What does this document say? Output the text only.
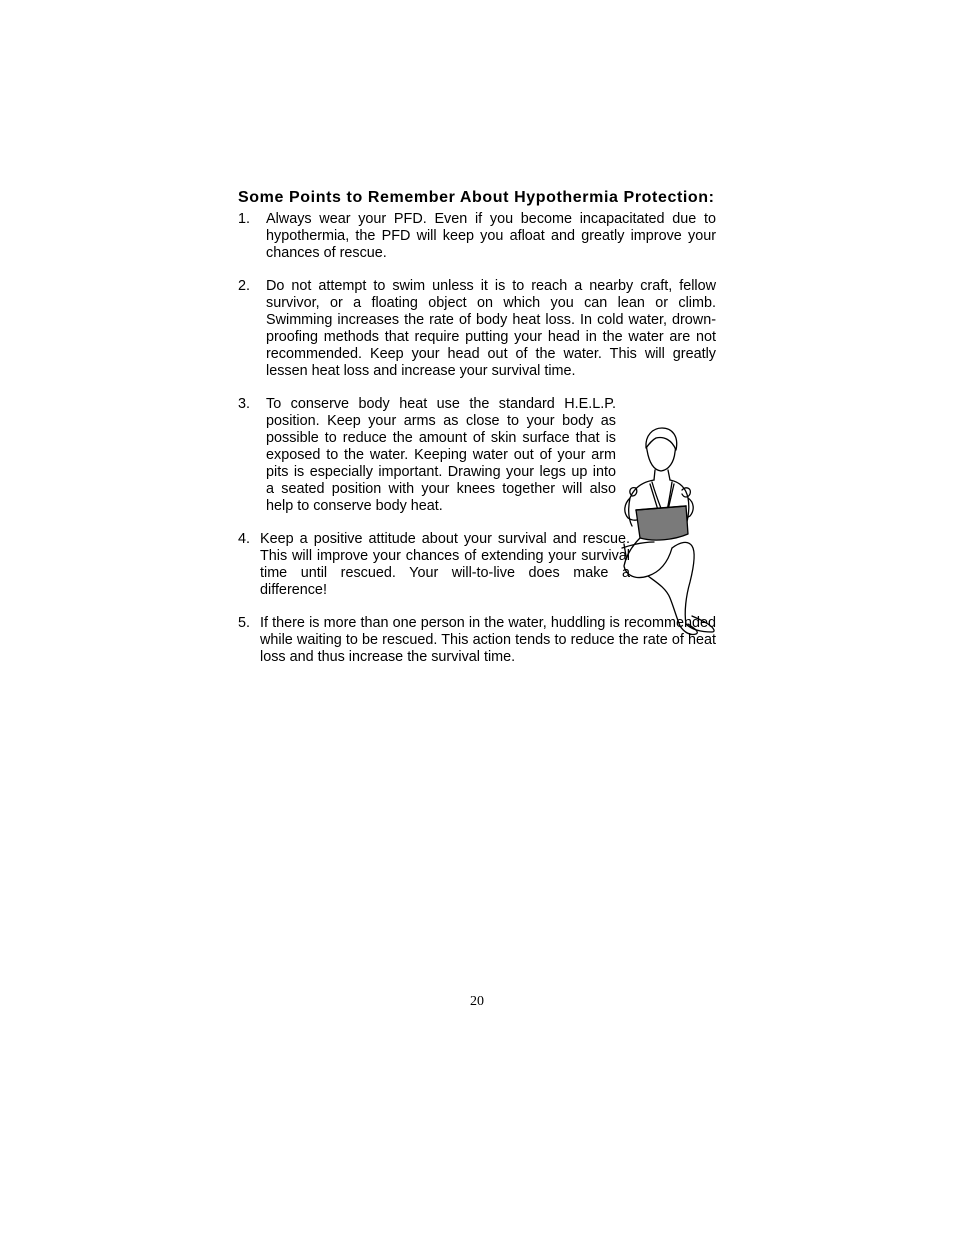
Some Points to Remember About Hypothermia Protection:
1. Always wear your PFD. Even if you become incapacitated due to hypothermia, the PFD will keep you afloat and greatly improve your chances of rescue.
2. Do not attempt to swim unless it is to reach a nearby craft, fellow survivor, or a floating object on which you can lean or climb. Swimming increases the rate of body heat loss. In cold water, drown-proofing methods that require putting your head in the water are not recommended. Keep your head out of the water. This will greatly lessen heat loss and increase your survival time.
3. To conserve body heat use the standard H.E.L.P. position. Keep your arms as close to your body as possible to reduce the amount of skin surface that is exposed to the water. Keeping water out of your arm pits is especially important. Drawing your legs up into a seated position with your knees together will also help to conserve body heat.
4. Keep a positive attitude about your survival and rescue. This will improve your chances of extending your survival time until rescued. Your will-to-live does make a difference!
5. If there is more than one person in the water, huddling is recommended while waiting to be rescued. This action tends to reduce the rate of heat loss and thus increase the survival time.
20
